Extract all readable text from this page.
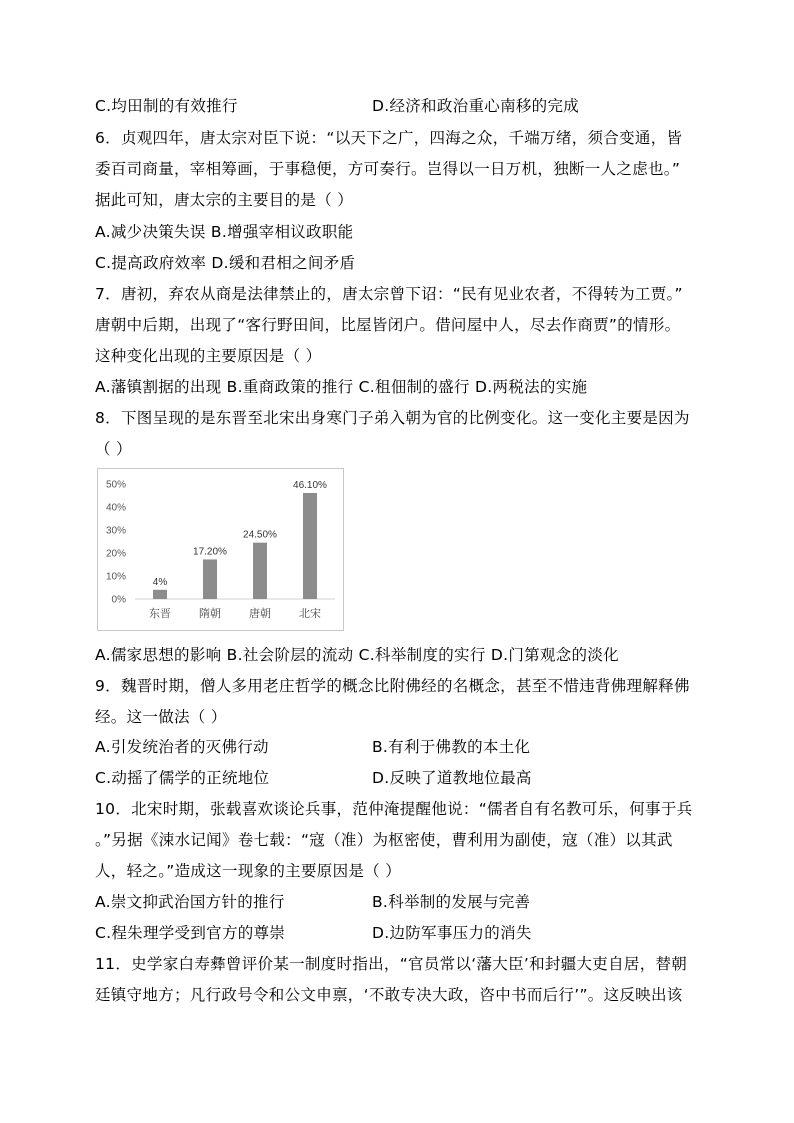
C.均田制的有效推行	D.经济和政治重心南移的完成
6．贞观四年，唐太宗对臣下说：“以天下之广，四海之众，千端万绪，须合变通，皆
委百司商量，宰相筹画，于事稳便，方可奏行。岂得以一日万机，独断一人之虑也。”
据此可知，唐太宗的主要目的是（ ）
A.减少决策失误 B.增强宰相议政职能
C.提高政府效率 D.缓和君相之间矛盾
7．唐初，弃农从商是法律禁止的，唐太宗曾下诏：“民有见业农者，不得转为工贾。”
唐朝中后期，出现了“客行野田间，比屋皆闭户。借问屋中人，尽去作商贾”的情形。
这种变化出现的主要原因是（ ）
A.藩镇割据的出现 B.重商政策的推行 C.租佃制的盛行 D.两税法的实施
8．下图呈现的是东晋至北宋出身寒门子弟入朝为官的比例变化。这一变化主要是因为
（ ）
A.儒家思想的影响 B.社会阶层的流动 C.科举制度的实行 D.门第观念的淡化
9．魏晋时期，僧人多用老庄哲学的概念比附佛经的名概念，甚至不惜违背佛理解释佛
经。这一做法（ ）
A.引发统治者的灭佛行动	B.有利于佛教的本土化
C.动摇了儒学的正统地位	D.反映了道教地位最高
10．北宋时期，张载喜欢谈论兵事，范仲淹提醒他说：“儒者自有名教可乐，何事于兵
。”另据《涑水记闻》卷七载：“寇（准）为枢密使，曹利用为副使，寇（准）以其武
人，轻之。”造成这一现象的主要原因是（ ）
A.崇文抑武治国方针的推行	B.科举制的发展与完善
C.程朱理学受到官方的尊崇	D.边防军事压力的消失
11．史学家白寿彝曾评价某一制度时指出，“官员常以‘藩大臣’和封疆大吏自居，替朝
廷镇守地方；凡行政号令和公文申禀，‘不敢专决大政，咨中书而后行’”。这反映出该
0%
10%
20%
30%
40%
50%
4%
东晋
17.20%
隋朝
24.50%
唐朝
46.10%
北宋
